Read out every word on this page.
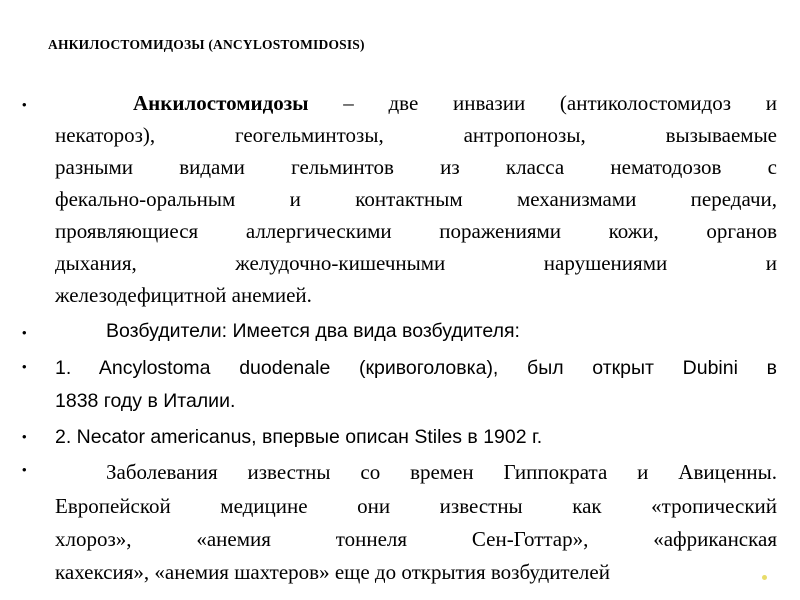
АНКИЛОСТОМИДОЗЫ (ANCYLOSTOMIDOSIS)
•	Анкилостомидозы – две инвазии (антиколостомидоз и
некатороз), геогельминтозы, антропонозы, вызываемые
разными видами гельминтов из класса нематодозов с
фекально-оральным и контактным механизмами передачи,
проявляющиеся аллергическими поражениями кожи, органов
дыхания, желудочно-кишечными нарушениями и
железодефицитной анемией.
•	Возбудители: Имеется два вида возбудителя:
• 1. Ancylostoma duodenale (кривоголовка), был открыт Dubini в
1838 году в Италии.
• 2. Necator americanus, впервые описан Stiles в 1902 г.
•	Заболевания известны со времен Гиппократа и Авиценны.
Европейской медицине они известны как «тропический
хлороз», «анемия тоннеля Сен-Готтар», «африканская
кахексия», «анемия шахтеров» еще до открытия возбудителей
